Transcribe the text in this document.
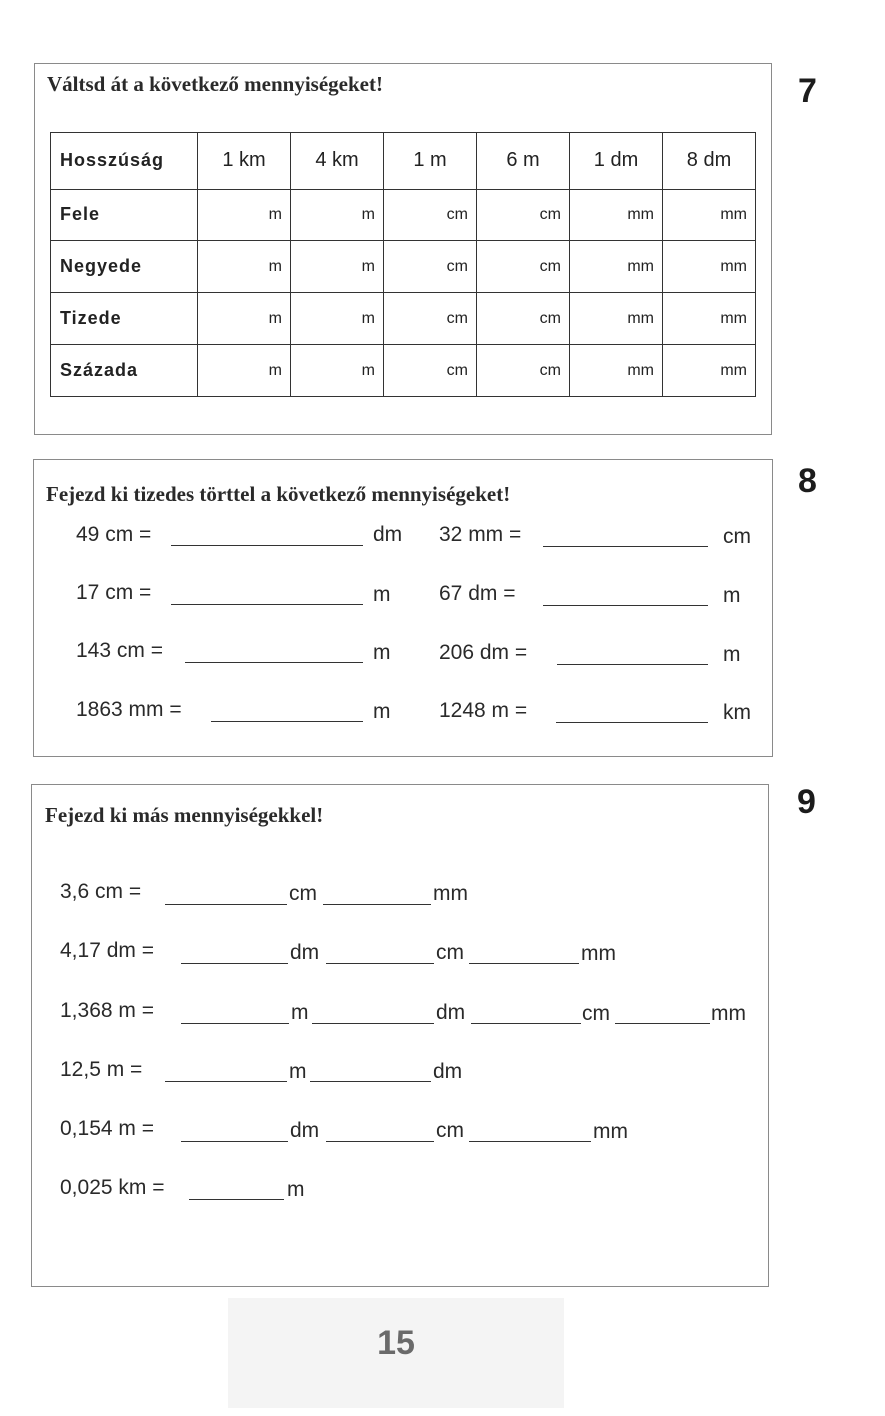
Váltsd át a következő mennyiségeket!
Hosszúság	1 km	4 km	1 m	6 m	1 dm	8 dm
Fele	m	m	cm	cm	mm	mm
Negyede	m	m	cm	cm	mm	mm
Tizede	m	m	cm	cm	mm	mm
Százada	m	m	cm	cm	mm	mm
7
Fejezd ki tizedes törttel a következő mennyiségeket!	8
49 cm =	dm
17 cm =	m
143 cm =	m
1863 mm =	m
32 mm =	cm
67 dm =	m
206 dm =	m
1248 m =	km
Fejezd ki más mennyiségekkel!	9
3,6 cm =	cm	mm
4,17 dm =	dm	cm	mm
1,368 m =	m	dm	cm	mm
12,5 m =	m	dm
0,154 m =	dm	cm	mm
0,025 km =	m
15
